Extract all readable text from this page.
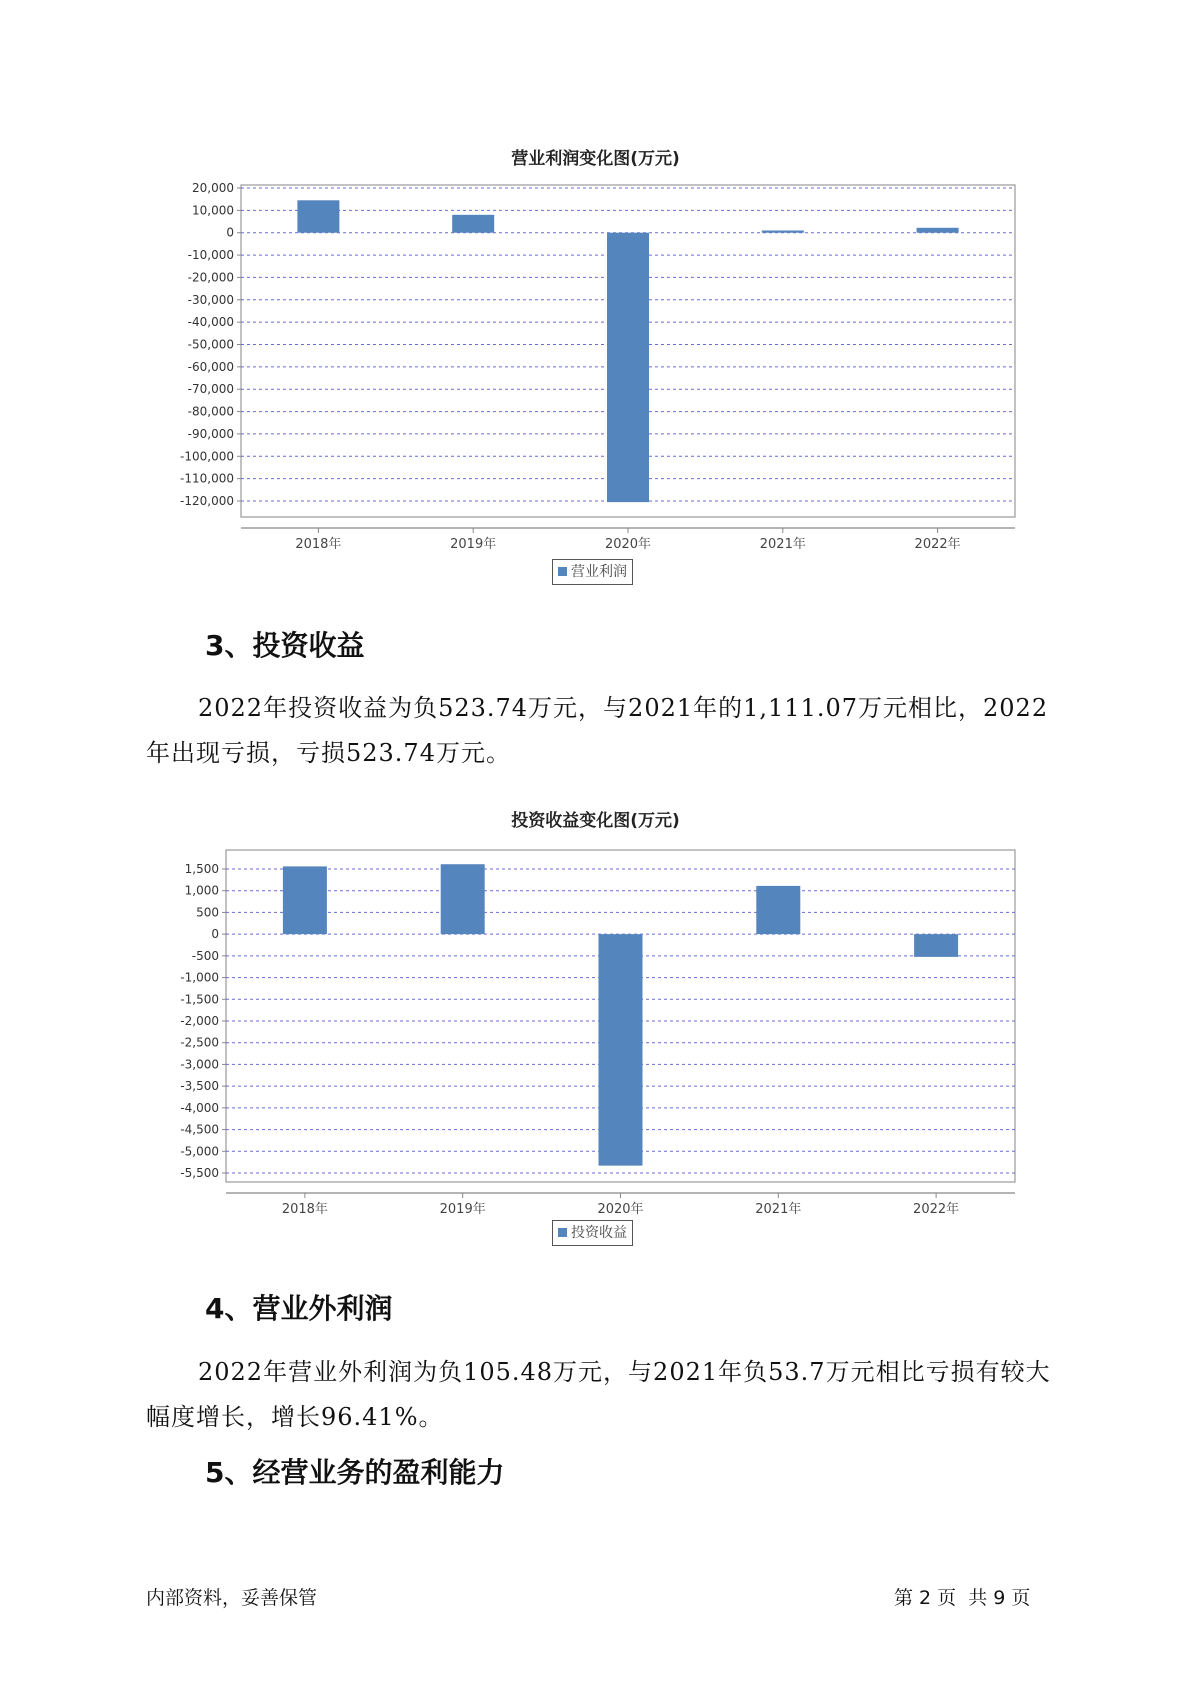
营业利润变化图(万元)
20,000
10,000
0
-10,000
-20,000
-30,000
-40,000
-50,000
-60,000
-70,000
-80,000
-90,000
-100,000
-110,000
-120,000
2018年	2019年	2020年	2021年	2022年
营业利润
3、投资收益

2022年投资收益为负523.74万元，与2021年的1,111.07万元相比，2022年出现亏损，亏损523.74万元。

投资收益变化图(万元)
1,500
1,000
500
0
-500
-1,000
-1,500
-2,000
-2,500
-3,000
-3,500
-4,000
-4,500
-5,000
-5,500
2018年	2019年	2020年	2021年	2022年
投资收益
4、营业外利润

2022年营业外利润为负105.48万元，与2021年负53.7万元相比亏损有较大幅度增长，增长96.41%。

5、经营业务的盈利能力
内部资料，妥善保管	第 2 页  共 9 页
